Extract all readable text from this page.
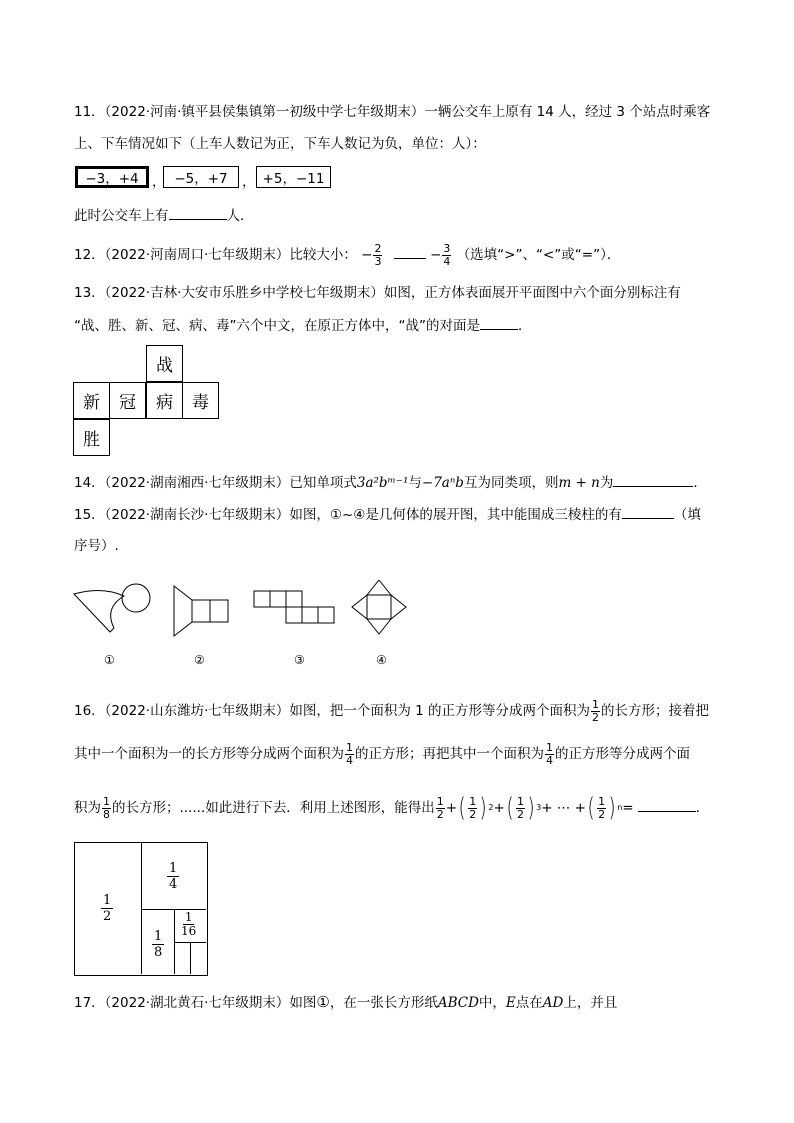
11．（2022·河南·镇平县侯集镇第一初级中学七年级期末）一辆公交车上原有 14 人，经过 3 个站点时乘客
上、下车情况如下（上车人数记为正，下车人数记为负，单位：人）：
−3，+4 ， −5，+7	， +5，−11
此时公交车上有	人．
12．（2022·河南周口·七年级期末）比较大小： − $\frac{2}{3}$	− $\frac{3}{4}$ （选填“>”、“<”或“=”）．
13．（2022·吉林·大安市乐胜乡中学校七年级期末）如图，正方体表面展开平面图中六个面分别标注有
“战、胜、新、冠、病、毒”六个中文，在原正方体中，“战”的对面是	．
战
新	冠	病	毒
胜
14．（2022·湖南湘西·七年级期末）已知单项式3a²bᵐ⁻¹与−7aⁿb互为同类项，则m + n为	．
15．（2022·湖南长沙·七年级期末）如图，①~④是几何体的展开图，其中能围成三棱柱的有	（填
序号）.
①	②	③	④
16．（2022·山东潍坊·七年级期末）如图，把一个面积为 1 的正方形等分成两个面积为 $\frac{1}{2}$ 的长方形；接着把
其中一个面积为一的长方形等分成两个面积为 $\frac{1}{4}$ 的正方形；再把其中一个面积为 $\frac{1}{4}$ 的正方形等分成两个面
积为 $\frac{1}{8}$ 的长方形；......如此进行下去．利用上述图形，能得出 $\frac{1}{2}$ + ( $\frac{1}{2}$ ) 2 + ( $\frac{1}{2}$ ) 3 + ⋯ + ( $\frac{1}{2}$ ) n =	．
1
2
1
4
1
8
1
16
17．（2022·湖北黄石·七年级期末）如图①，在一张长方形纸ABCD中，E点在AD上，并且
